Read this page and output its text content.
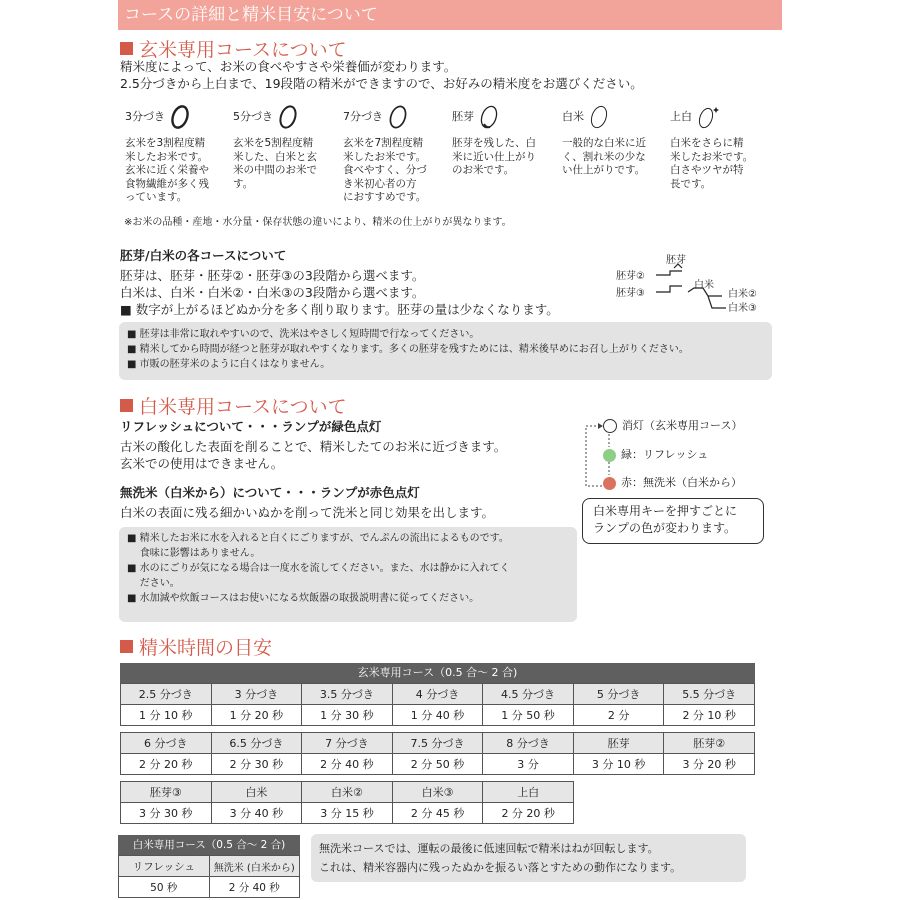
コースの詳細と精米目安について
玄米専用コースについて
精米度によって、お米の食べやすさや栄養価が変わります。
2.5分づきから上白まで、19段階の精米ができますので、お好みの精米度をお選びください。
3分づき
玄米を3割程度精
米したお米です。
玄米に近く栄養や
食物繊維が多く残
っています。
5分づき
玄米を5割程度精
米した、白米と玄
米の中間のお米で
す。
7分づき
玄米を7割程度精
米したお米です。
食べやすく、分づ
き米初心者の方
におすすめです。
胚芽
胚芽を残した、白
米に近い仕上がり
のお米です。
白米
一般的な白米に近
く、割れ米の少な
い仕上がりです。
上白
白米をさらに精
米したお米です。
白さやツヤが特
長です。
※お米の品種・産地・水分量・保存状態の違いにより、精米の仕上がりが異なります。
胚芽/白米の各コースについて
胚芽は、胚芽・胚芽②・胚芽③の3段階から選べます。
白米は、白米・白米②・白米③の3段階から選べます。
■ 数字が上がるほどぬか分を多く削り取ります。胚芽の量は少なくなります。
胚芽
胚芽②
胚芽③
白米
白米②
白米③
■ 胚芽は非常に取れやすいので、洗米はやさしく短時間で行なってください。
■ 精米してから時間が経つと胚芽が取れやすくなります。多くの胚芽を残すためには、精米後早めにお召し上がりください。
■ 市販の胚芽米のように白くはなりません。
白米専用コースについて
リフレッシュについて・・・ランプが緑色点灯
古米の酸化した表面を削ることで、精米したてのお米に近づきます。
玄米での使用はできません。
無洗米（白米から）について・・・ランプが赤色点灯
白米の表面に残る細かいぬかを削って洗米と同じ効果を出します。
消灯（玄米専用コース）
緑：リフレッシュ
赤：無洗米（白米から）
白米専用キーを押すごとに
ランプの色が変わります。
■ 精米したお米に水を入れると白くにごりますが、でんぷんの流出によるものです。
食味に影響はありません。
■ 水のにごりが気になる場合は一度水を流してください。また、水は静かに入れてく
ださい。
■ 水加減や炊飯コースはお使いになる炊飯器の取扱説明書に従ってください。
精米時間の目安
玄米専用コース（0.5 合～ 2 合)
2.5 分づき	3 分づき	3.5 分づき	4 分づき	4.5 分づき	5 分づき	5.5 分づき
1 分 10 秒	1 分 20 秒	1 分 30 秒	1 分 40 秒	1 分 50 秒	2 分	2 分 10 秒
6 分づき	6.5 分づき	7 分づき	7.5 分づき	8 分づき	胚芽	胚芽②
2 分 20 秒	2 分 30 秒	2 分 40 秒	2 分 50 秒	3 分	3 分 10 秒	3 分 20 秒
胚芽③	白米	白米②	白米③	上白
3 分 30 秒	3 分 40 秒	3 分 15 秒	2 分 45 秒	2 分 20 秒
白米専用コース（0.5 合～ 2 合)
リフレッシュ	無洗米 (白米から)
50 秒	2 分 40 秒
無洗米コースでは、運転の最後に低速回転で精米はねが回転します。
これは、精米容器内に残ったぬかを振るい落とすための動作になります。
